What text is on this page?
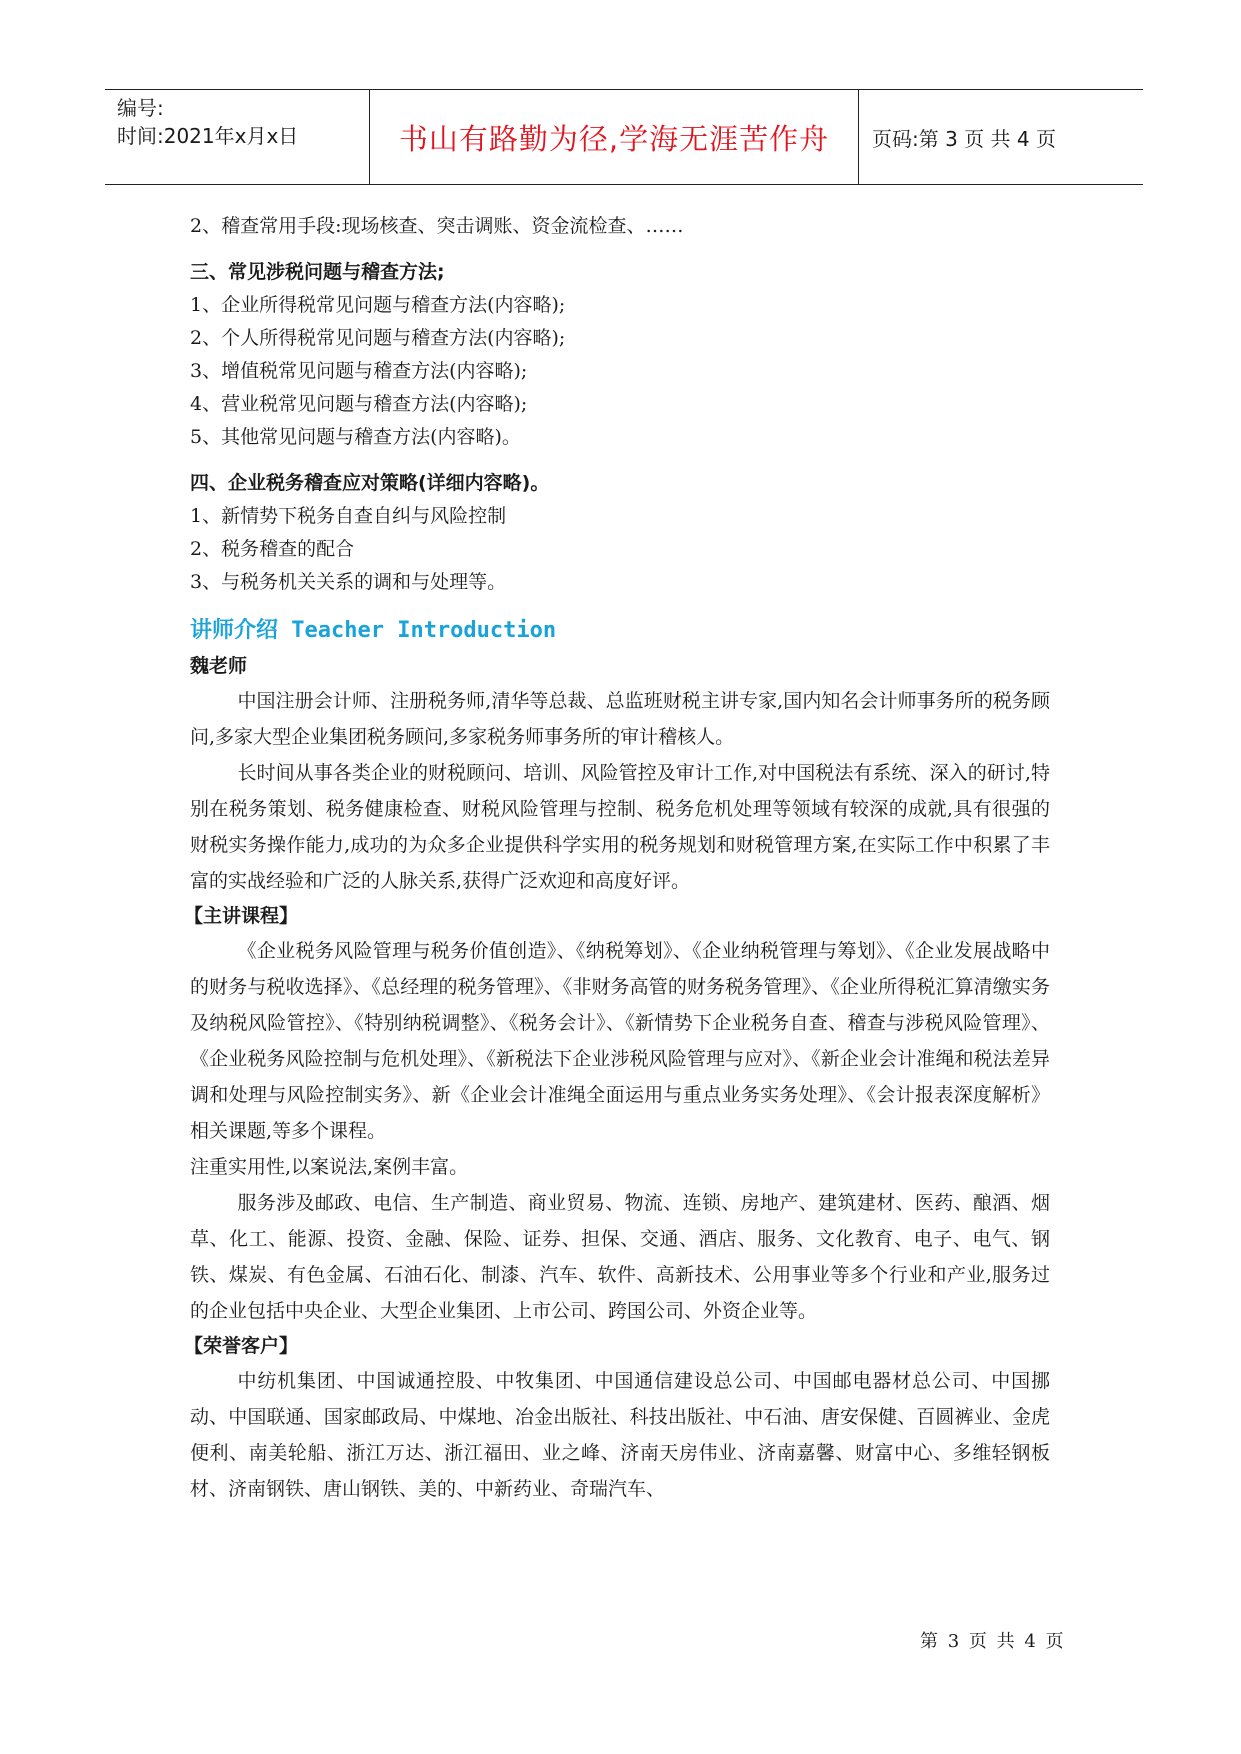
编号:
时间:2021年x月x日	书山有路勤为径,学海无涯苦作舟	页码:第 3 页 共 4 页

2、稽查常用手段:现场核查、突击调账、资金流检查、……

三、常见涉税问题与稽查方法;

1、企业所得税常见问题与稽查方法(内容略);

2、个人所得税常见问题与稽查方法(内容略);

3、增值税常见问题与稽查方法(内容略);

4、营业税常见问题与稽查方法(内容略);

5、其他常见问题与稽查方法(内容略)。

四、企业税务稽查应对策略(详细内容略)。

1、新情势下税务自查自纠与风险控制

2、税务稽查的配合

3、与税务机关关系的调和与处理等。

讲师介绍 Teacher Introduction

魏老师

中国注册会计师、注册税务师,清华等总裁、总监班财税主讲专家,国内知名会计师事务所的税务顾问,多家大型企业集团税务顾问,多家税务师事务所的审计稽核人。

长时间从事各类企业的财税顾问、培训、风险管控及审计工作,对中国税法有系统、深入的研讨,特别在税务策划、税务健康检查、财税风险管理与控制、税务危机处理等领域有较深的成就,具有很强的财税实务操作能力,成功的为众多企业提供科学实用的税务规划和财税管理方案,在实际工作中积累了丰富的实战经验和广泛的人脉关系,获得广泛欢迎和高度好评。

【主讲课程】

《企业税务风险管理与税务价值创造》、《纳税筹划》、《企业纳税管理与筹划》、《企业发展战略中的财务与税收选择》、《总经理的税务管理》、《非财务高管的财务税务管理》、《企业所得税汇算清缴实务及纳税风险管控》、《特别纳税调整》、《税务会计》、《新情势下企业税务自查、稽查与涉税风险管理》、《企业税务风险控制与危机处理》、《新税法下企业涉税风险管理与应对》、《新企业会计准绳和税法差异调和处理与风险控制实务》、新《企业会计准绳全面运用与重点业务实务处理》、《会计报表深度解析》相关课题,等多个课程。

注重实用性,以案说法,案例丰富。

服务涉及邮政、电信、生产制造、商业贸易、物流、连锁、房地产、建筑建材、医药、酿酒、烟草、化工、能源、投资、金融、保险、证券、担保、交通、酒店、服务、文化教育、电子、电气、钢铁、煤炭、有色金属、石油石化、制漆、汽车、软件、高新技术、公用事业等多个行业和产业,服务过的企业包括中央企业、大型企业集团、上市公司、跨国公司、外资企业等。

【荣誉客户】

中纺机集团、中国诚通控股、中牧集团、中国通信建设总公司、中国邮电器材总公司、中国挪动、中国联通、国家邮政局、中煤地、冶金出版社、科技出版社、中石油、唐安保健、百圆裤业、金虎便利、南美轮船、浙江万达、浙江福田、业之峰、济南天房伟业、济南嘉馨、财富中心、多维轻钢板材、济南钢铁、唐山钢铁、美的、中新药业、奇瑞汽车、

第 3 页 共 4 页
